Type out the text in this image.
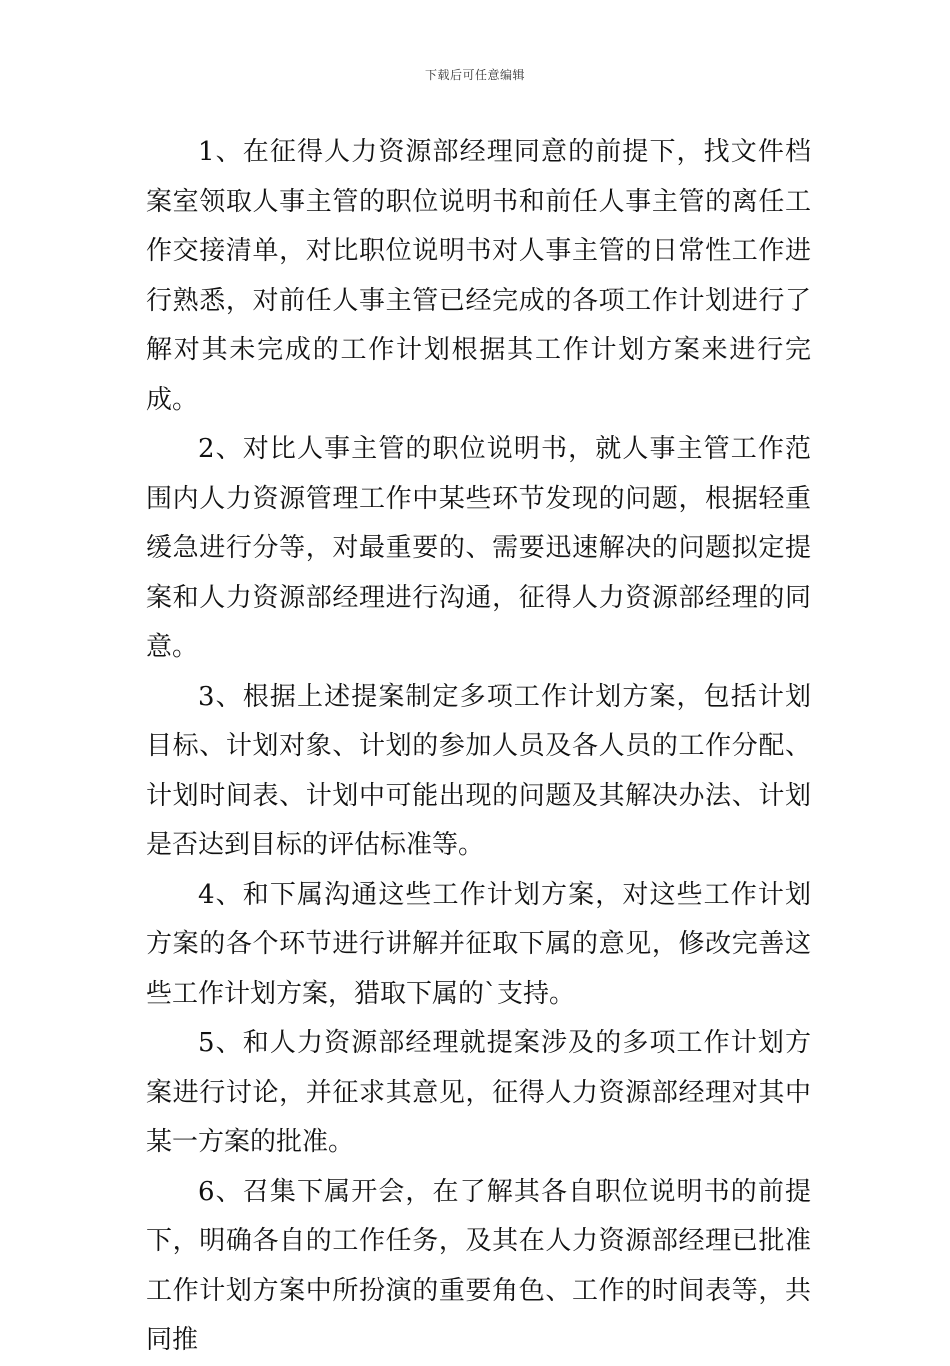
下载后可任意编辑

1、在征得人力资源部经理同意的前提下，找文件档案室领取人事主管的职位说明书和前任人事主管的离任工作交接清单，对比职位说明书对人事主管的日常性工作进行熟悉，对前任人事主管已经完成的各项工作计划进行了解对其未完成的工作计划根据其工作计划方案来进行完成。

2、对比人事主管的职位说明书，就人事主管工作范围内人力资源管理工作中某些环节发现的问题，根据轻重缓急进行分等，对最重要的、需要迅速解决的问题拟定提案和人力资源部经理进行沟通，征得人力资源部经理的同意。

3、根据上述提案制定多项工作计划方案，包括计划目标、计划对象、计划的参加人员及各人员的工作分配、计划时间表、计划中可能出现的问题及其解决办法、计划是否达到目标的评估标准等。

4、和下属沟通这些工作计划方案，对这些工作计划方案的各个环节进行讲解并征取下属的意见，修改完善这些工作计划方案，猎取下属的`支持。

5、和人力资源部经理就提案涉及的多项工作计划方案进行讨论，并征求其意见，征得人力资源部经理对其中某一方案的批准。

6、召集下属开会，在了解其各自职位说明书的前提下，明确各自的工作任务，及其在人力资源部经理已批准工作计划方案中所扮演的重要角色、工作的时间表等，共同推
